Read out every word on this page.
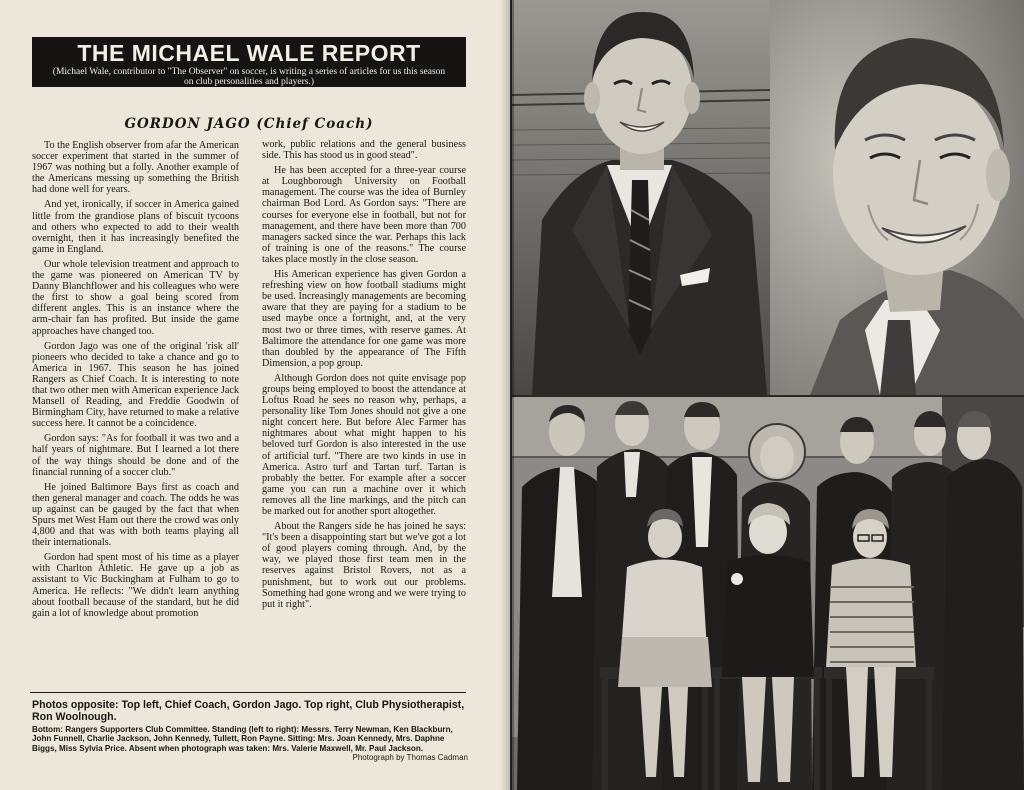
THE MICHAEL WALE REPORT
(Michael Wale, contributor to "The Observer" on soccer, is writing a series of articles for us this season on club personalities and players.)
GORDON JAGO (Chief Coach)

To the English observer from afar the American soccer experiment that started in the summer of 1967 was nothing but a folly. Another example of the Americans messing up something the British had done well for years.

And yet, ironically, if soccer in America gained little from the grandiose plans of biscuit tycoons and others who expected to add to their wealth overnight, then it has increasingly benefited the game in England.

Our whole television treatment and approach to the game was pioneered on American TV by Danny Blanchflower and his colleagues who were the first to show a goal being scored from different angles. This is an instance where the arm-chair fan has profited. But inside the game approaches have changed too.

Gordon Jago was one of the original 'risk all' pioneers who decided to take a chance and go to America in 1967. This season he has joined Rangers as Chief Coach. It is interesting to note that two other men with American experience Jack Mansell of Reading, and Freddie Goodwin of Birmingham City, have returned to make a relative success here. It cannot be a coincidence.

Gordon says: "As for football it was two and a half years of nightmare. But I learned a lot there of the way things should be done and of the financial running of a soccer club."

He joined Baltimore Bays first as coach and then general manager and coach. The odds he was up against can be gauged by the fact that when Spurs met West Ham out there the crowd was only 4,800 and that was with both teams playing all their internationals.

Gordon had spent most of his time as a player with Charlton Athletic. He gave up a job as assistant to Vic Buckingham at Fulham to go to America. He reflects: "We didn't learn anything about football because of the standard, but he did gain a lot of knowledge about promotion

work, public relations and the general business side. This has stood us in good stead".

He has been accepted for a three-year course at Loughborough University on Football management. The course was the idea of Burnley chairman Bod Lord. As Gordon says: "There are courses for everyone else in football, but not for management, and there have been more than 700 managers sacked since the war. Perhaps this lack of training is one of the reasons." The course takes place mostly in the close season.

His American experience has given Gordon a refreshing view on how football stadiums might be used. Increasingly managements are becoming aware that they are paying for a stadium to be used maybe once a fortnight, and, at the very most two or three times, with reserve games. At Baltimore the attendance for one game was more than doubled by the appearance of The Fifth Dimension, a pop group.

Although Gordon does not quite envisage pop groups being employed to boost the attendance at Loftus Road he sees no reason why, perhaps, a personality like Tom Jones should not give a one night concert here. But before Alec Farmer has nightmares about what might happen to his beloved turf Gordon is also interested in the use of artificial turf. "There are two kinds in use in America. Astro turf and Tartan turf. Tartan is probably the better. For example after a soccer game you can run a machine over it which removes all the line markings, and the pitch can be marked out for another sport altogether.

About the Rangers side he has joined he says: "It's been a disappointing start but we've got a lot of good players coming through. And, by the way, we played those first team men in the reserves against Bristol Rovers, not as a punishment, but to work out our problems. Something had gone wrong and we were trying to put it right".

Photos opposite: Top left, Chief Coach, Gordon Jago. Top right, Club Physiotherapist, Ron Woolnough.

Bottom: Rangers Supporters Club Committee. Standing (left to right): Messrs. Terry Newman, Ken Blackburn, John Funnell, Charlie Jackson, John Kennedy, Tullett, Ron Payne. Sitting: Mrs. Joan Kennedy, Mrs. Daphne Biggs, Miss Sylvia Price. Absent when photograph was taken: Mrs. Valerie Maxwell, Mr. Paul Jackson.

Photograph by Thomas Cadman
